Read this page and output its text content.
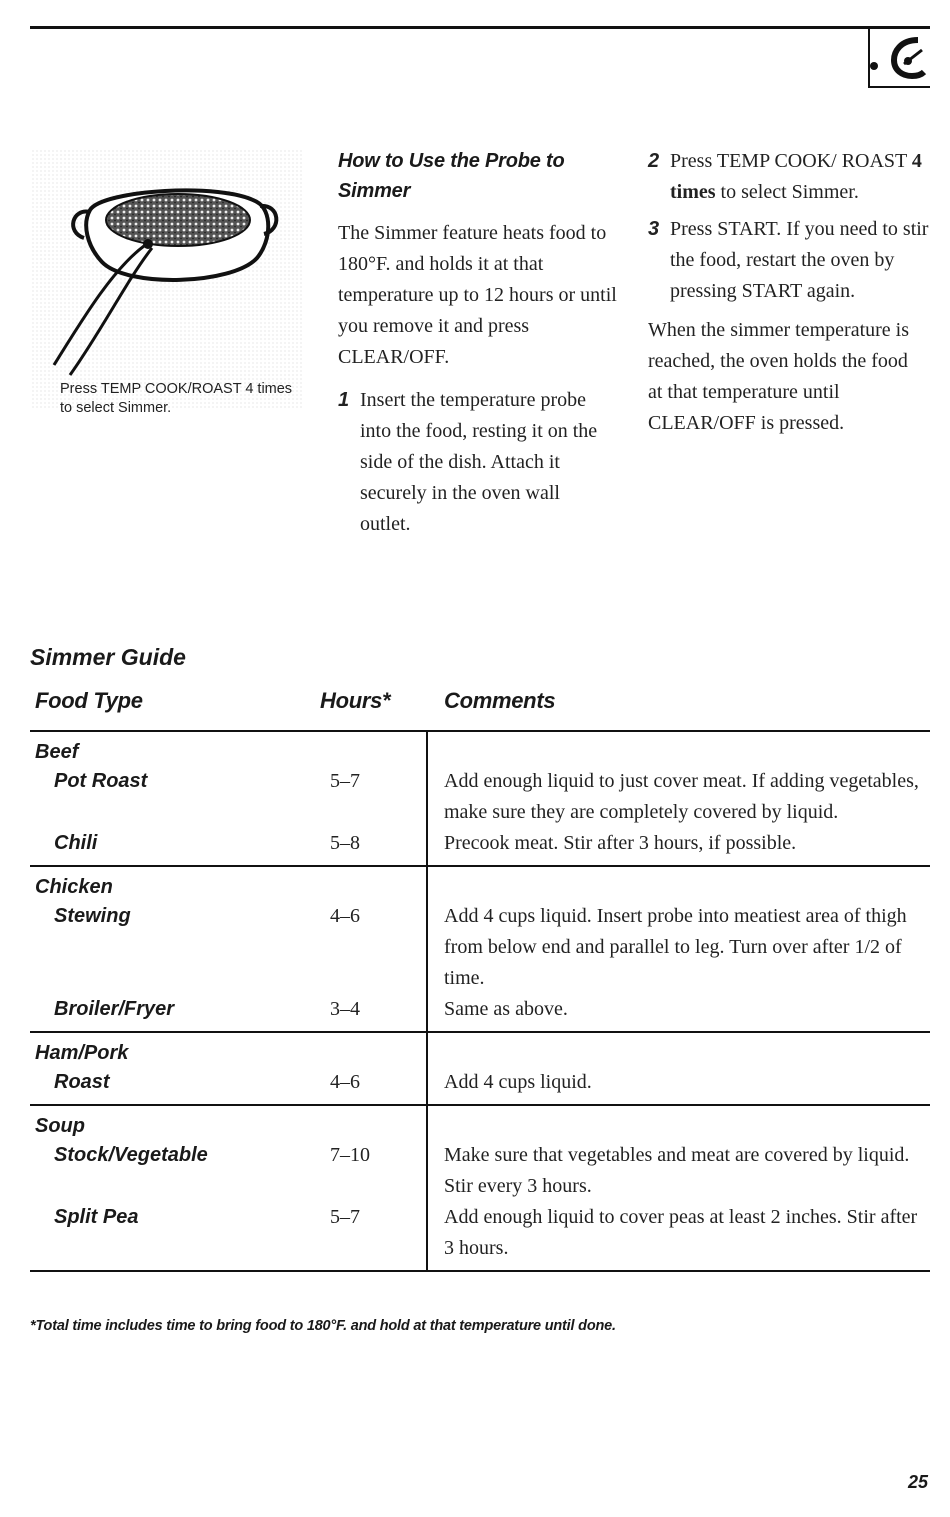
Press TEMP COOK/ROAST 4 times to select Simmer.
How to Use the Probe to Simmer
The Simmer feature heats food to 180°F. and holds it at that temperature up to 12 hours or until you remove it and press CLEAR/OFF.
1 Insert the temperature probe into the food, resting it on the side of the dish. Attach it securely in the oven wall outlet.
2 Press TEMP COOK/ ROAST 4 times to select Simmer.
3 Press START. If you need to stir the food, restart the oven by pressing START again.
When the simmer temperature is reached, the oven holds the food at that temperature until CLEAR/OFF is pressed.
Simmer Guide
Food Type	Hours* Comments
Beef
Pot Roast	5–7	Add enough liquid to just cover meat. If adding vegetables, make sure they are completely covered by liquid.
Chili	5–8	Precook meat. Stir after 3 hours, if possible.
Chicken
Stewing	4–6	Add 4 cups liquid. Insert probe into meatiest area of thigh from below end and parallel to leg. Turn over after 1/2 of time.
Broiler/Fryer	3–4	Same as above.
Ham/Pork
Roast	4–6	Add 4 cups liquid.
Soup
Stock/Vegetable	7–10	Make sure that vegetables and meat are covered by liquid. Stir every 3 hours.
Split Pea	5–7	Add enough liquid to cover peas at least 2 inches. Stir after 3 hours.
*Total time includes time to bring food to 180°F. and hold at that temperature until done.
25
